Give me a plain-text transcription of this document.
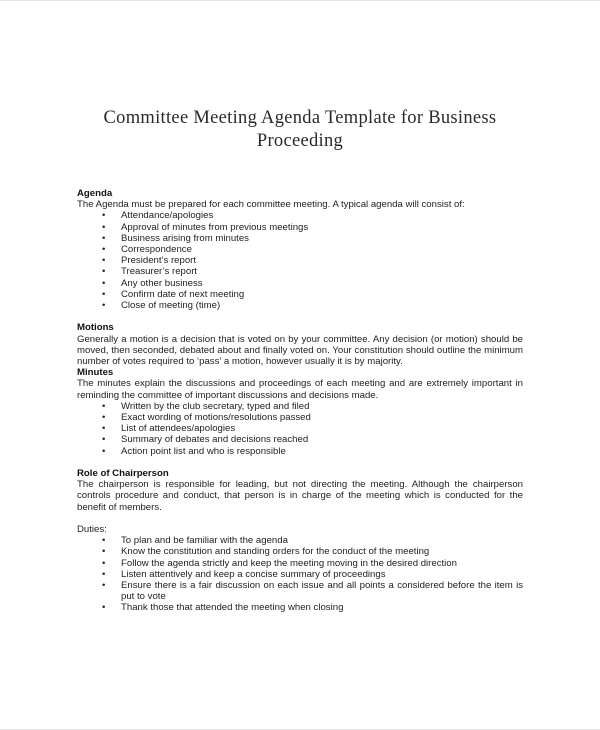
Committee Meeting Agenda Template for Business
Proceeding
Agenda
The Agenda must be prepared for each committee meeting. A typical agenda will consist of:
• Attendance/apologies
• Approval of minutes from previous meetings
• Business arising from minutes
• Correspondence
• President’s report
• Treasurer’s report
• Any other business
• Confirm date of next meeting
• Close of meeting (time)
Motions
Generally a motion is a decision that is voted on by your committee. Any decision (or motion) should be moved, then seconded, debated about and finally voted on. Your constitution should outline the minimum number of votes required to ‘pass’ a motion, however usually it is by majority.
Minutes
The minutes explain the discussions and proceedings of each meeting and are extremely important in reminding the committee of important discussions and decisions made.
• Written by the club secretary, typed and filed
• Exact wording of motions/resolutions passed
• List of attendees/apologies
• Summary of debates and decisions reached
• Action point list and who is responsible
Role of Chairperson
The chairperson is responsible for leading, but not directing the meeting. Although the chairperson controls procedure and conduct, that person is in charge of the meeting which is conducted for the benefit of members.
Duties:
• To plan and be familiar with the agenda
• Know the constitution and standing orders for the conduct of the meeting
• Follow the agenda strictly and keep the meeting moving in the desired direction
• Listen attentively and keep a concise summary of proceedings
• Ensure there is a fair discussion on each issue and all points a considered before the item is put to vote
• Thank those that attended the meeting when closing
